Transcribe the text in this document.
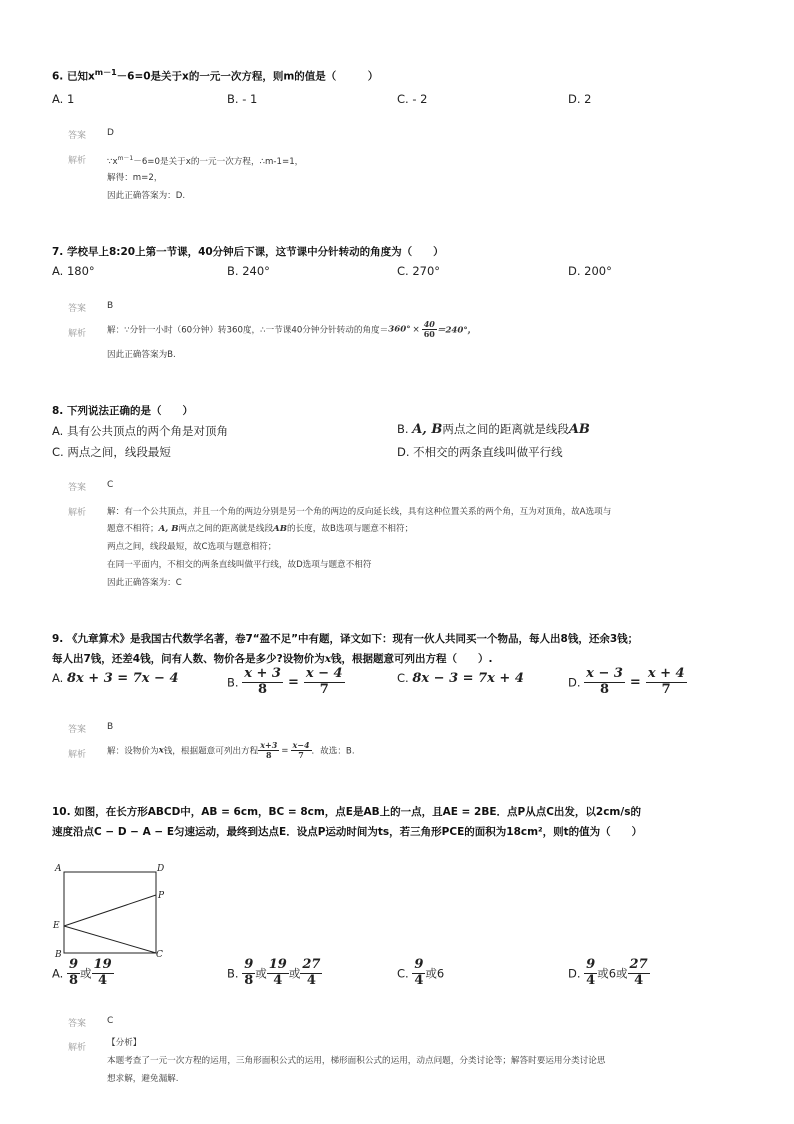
6. 已知$x^{m-1}-6=0$是关于x的一元一次方程，则m的值是（　　　）
A. 1	B. - 1	C. - 2	D. 2
答案 D
解析 $\because x^{m-1}-6=0$是关于x的一元一次方程，∴m-1=1，
解得：m=2，
因此正确答案为：D.
7. 学校早上8:20上第一节课，40分钟后下课，这节课中分针转动的角度为（　　）
A. 180°	B. 240°	C. 270°	D. 200°
答案 B
解析 解：∵分针一小时（60分钟）转360度，∴一节课40分钟分针转动的角度$=360^\circ \times \frac{40}{60} =240^\circ$，
因此正确答案为B.
8. 下列说法正确的是（　　）
A. 具有公共顶点的两个角是对顶角	B. A, B两点之间的距离就是线段AB
C. 两点之间，线段最短	D. 不相交的两条直线叫做平行线
答案 C
解析 解：有一个公共顶点，并且一个角的两边分别是另一个角的两边的反向延长线，具有这种位置关系的两个角，互为对顶角，故A选项与
题意不相符；A, B两点之间的距离就是线段AB的长度，故B选项与题意不相符；
两点之间，线段最短，故C选项与题意相符；
在同一平面内，不相交的两条直线叫做平行线，故D选项与题意不相符
因此正确答案为：C
9. 《九章算术》是我国古代数学名著，卷7“盈不足”中有题，译文如下：现有一伙人共同买一个物品，每人出8钱，还余3钱；
每人出7钱，还差4钱，问有人数、物价各是多少?设物价为x钱，根据题意可列出方程（　　）.
A. 8x + 3 = 7x − 4	B. $\frac{x + 3}{8} = \frac{x - 4}{7}$	C. 8x − 3 = 7x + 4	D. $\frac{x - 3}{8} = \frac{x + 4}{7}$
答案 B
解析 解：设物价为x钱，根据题意可列出方程 $\frac{x+3}{8} = \frac{x-4}{7}$ ．故选：B.
10. 如图，在长方形ABCD中，AB = 6cm，BC = 8cm，点E是AB上的一点，且AE = 2BE．点P从点C出发，以2cm/s的
速度沿点C − D − A − E匀速运动，最终到达点E．设点P运动时间为ts，若三角形PCE的面积为18cm²，则t的值为（　　）
A	D
P
E
B	C
A. $\frac{9}{8}$ 或 $\frac{19}{4}$	B. $\frac{9}{8}$ 或 $\frac{19}{4}$ 或 $\frac{27}{4}$	C. $\frac{9}{4}$ 或6	D. $\frac{9}{4}$ 或6或 $\frac{27}{4}$
答案 C
解析 【分析】
本题考查了一元一次方程的运用，三角形面积公式的运用，梯形面积公式的运用，动点问题，分类讨论等；解答时要运用分类讨论思
想求解，避免漏解.
